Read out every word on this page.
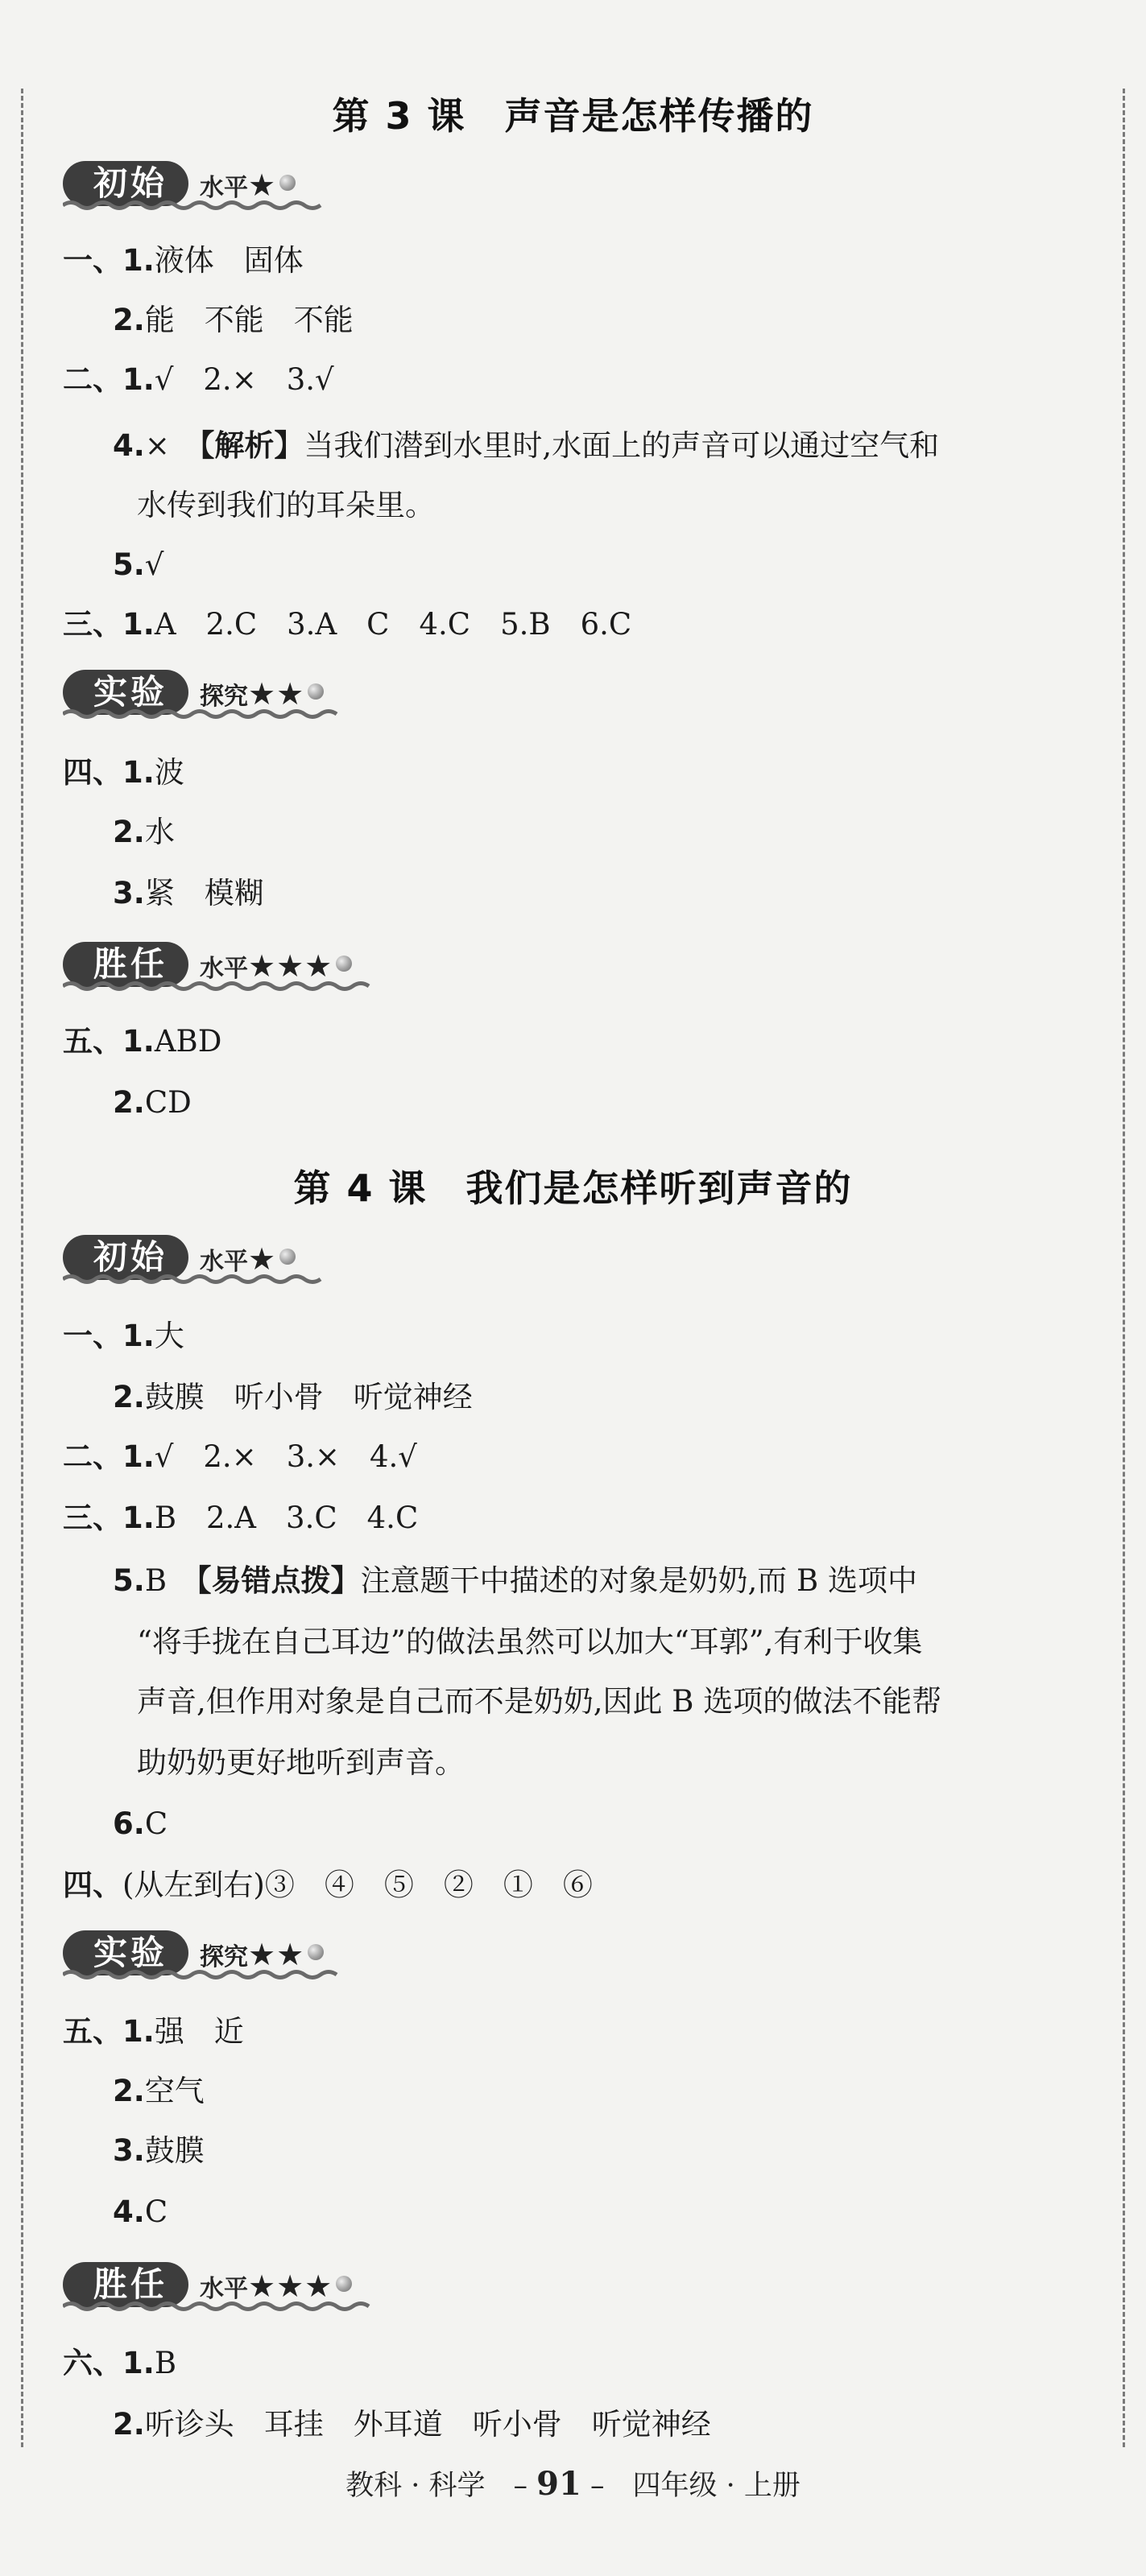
第 3 课　声音是怎样传播的
初始	水平★
一、1.液体　固体
2.能　不能　不能
二、1.√　2.×　3.√
4.×　【解析】当我们潜到水里时,水面上的声音可以通过空气和
水传到我们的耳朵里。
5.√
三、1.A　2.C　3.A　C　4.C　5.B　6.C
实验	探究★★
四、1.波
2.水
3.紧　模糊
胜任	水平★★★
五、1.ABD
2.CD
第 4 课　我们是怎样听到声音的
初始	水平★
一、1.大
2.鼓膜　听小骨　听觉神经
二、1.√　2.×　3.×　4.√
三、1.B　2.A　3.C　4.C
5.B　【易错点拨】注意题干中描述的对象是奶奶,而 B 选项中
“将手拢在自己耳边”的做法虽然可以加大“耳郭”,有利于收集
声音,但作用对象是自己而不是奶奶,因此 B 选项的做法不能帮
助奶奶更好地听到声音。
6.C
四、(从左到右)③　④　⑤　②　①　⑥
实验	探究★★
五、1.强　近
2.空气
3.鼓膜
4.C
胜任	水平★★★
六、1.B
2.听诊头　耳挂　外耳道　听小骨　听觉神经
教科 · 科学　– 91 –　四年级 · 上册
